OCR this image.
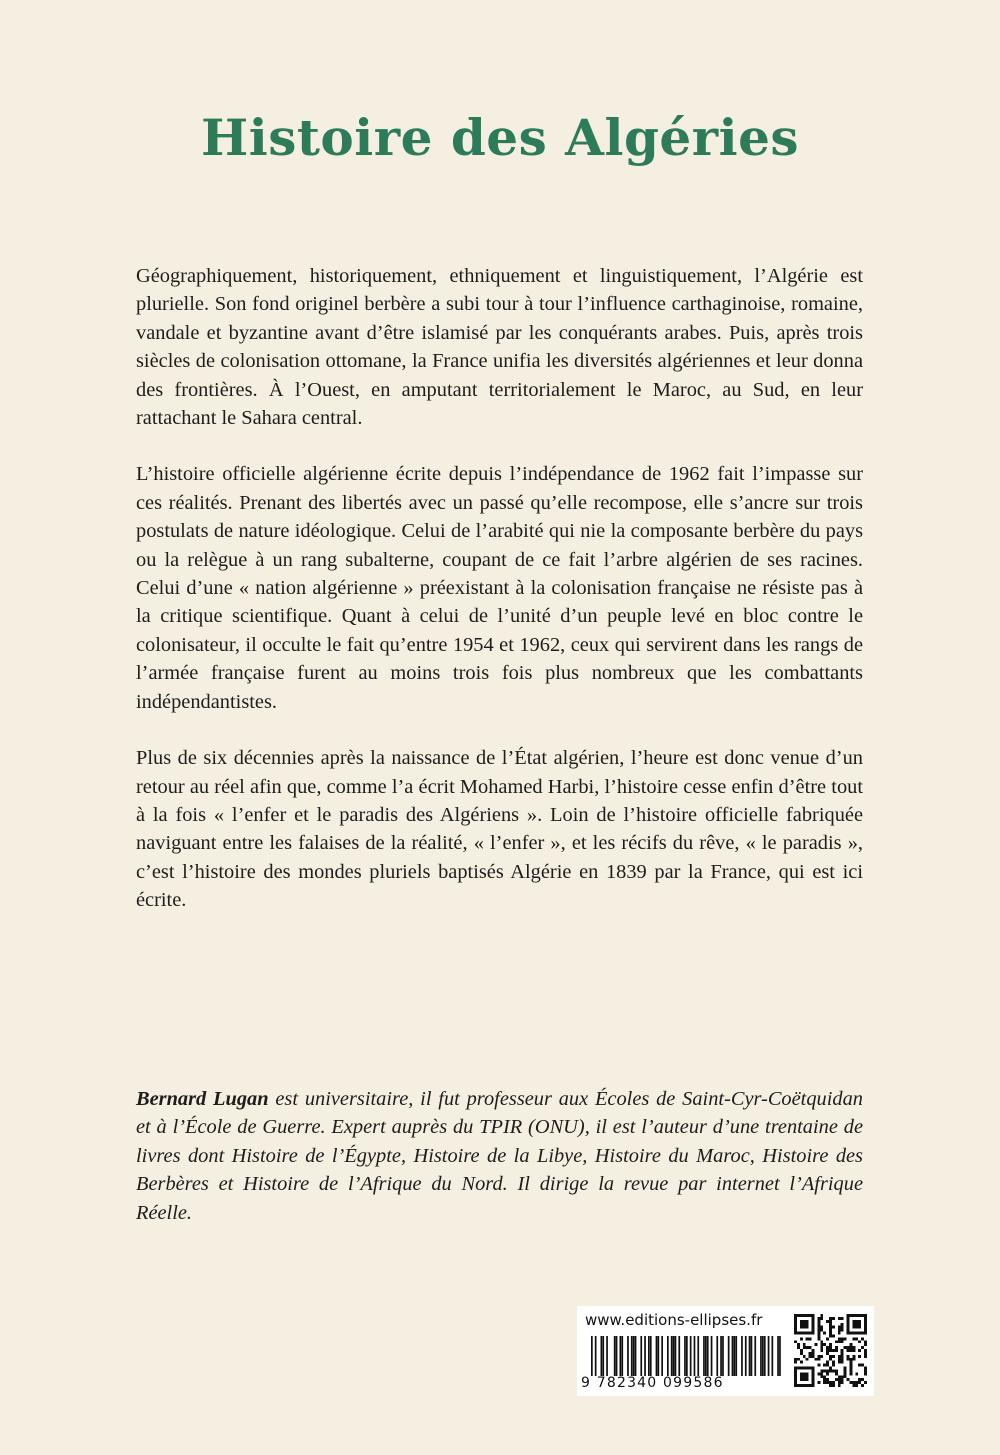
Histoire des Algéries

Géographiquement, historiquement, ethniquement et linguistiquement, l’Algérie est plurielle. Son fond originel berbère a subi tour à tour l’influence carthaginoise, romaine, vandale et byzantine avant d’être islamisé par les conquérants arabes. Puis, après trois siècles de colonisation ottomane, la France unifia les diversités algériennes et leur donna des frontières. À l’Ouest, en amputant territorialement le Maroc, au Sud, en leur rattachant le Sahara central.

L’histoire officielle algérienne écrite depuis l’indépendance de 1962 fait l’impasse sur ces réalités. Prenant des libertés avec un passé qu’elle recompose, elle s’ancre sur trois postulats de nature idéologique. Celui de l’arabité qui nie la composante berbère du pays ou la relègue à un rang subalterne, coupant de ce fait l’arbre algérien de ses racines. Celui d’une « nation algérienne » préexistant à la colonisation française ne résiste pas à la critique scientifique. Quant à celui de l’unité d’un peuple levé en bloc contre le colonisateur, il occulte le fait qu’entre 1954 et 1962, ceux qui servirent dans les rangs de l’armée française furent au moins trois fois plus nombreux que les combattants indépendantistes.

Plus de six décennies après la naissance de l’État algérien, l’heure est donc venue d’un retour au réel afin que, comme l’a écrit Mohamed Harbi, l’histoire cesse enfin d’être tout à la fois « l’enfer et le paradis des Algériens ». Loin de l’histoire officielle fabriquée naviguant entre les falaises de la réalité, « l’enfer », et les récifs du rêve, « le paradis », c’est l’histoire des mondes pluriels baptisés Algérie en 1839 par la France, qui est ici écrite.

Bernard Lugan est universitaire, il fut professeur aux Écoles de Saint-Cyr-Coëtquidan et à l’École de Guerre. Expert auprès du TPIR (ONU), il est l’auteur d’une trentaine de livres dont Histoire de l’Égypte, Histoire de la Libye, Histoire du Maroc, Histoire des Berbères et Histoire de l’Afrique du Nord. Il dirige la revue par internet l’Afrique Réelle.

www.editions-ellipses.fr
9 782340 099586
